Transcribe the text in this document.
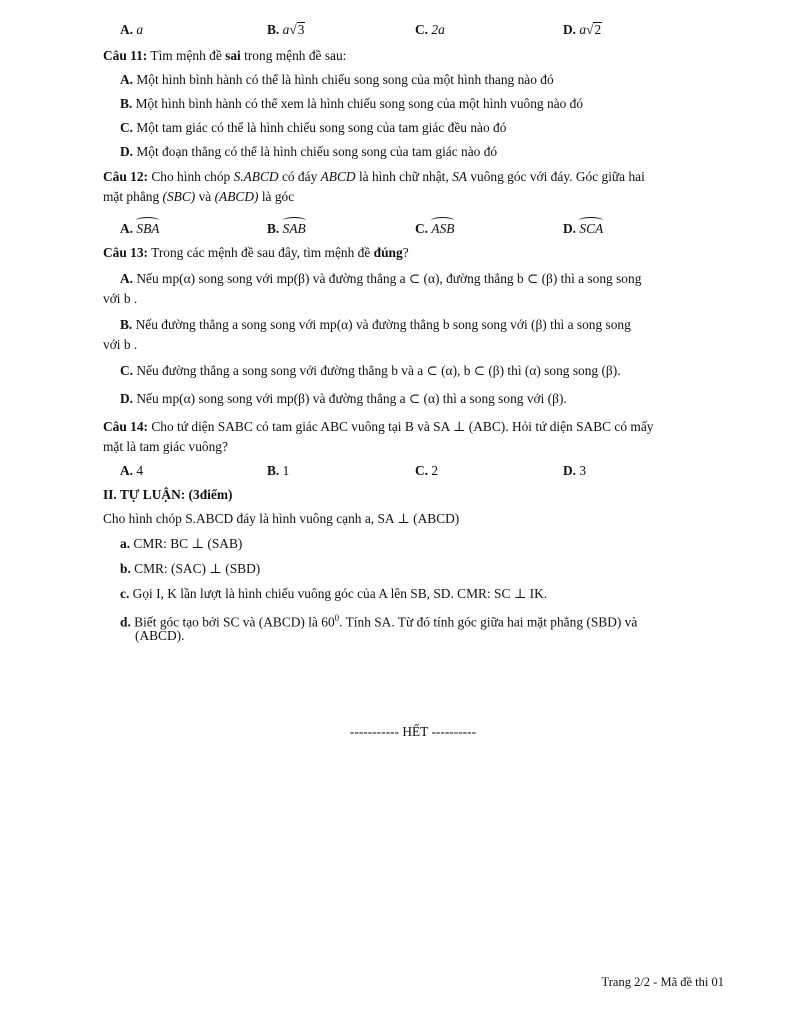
A. a	B. a√3	C. 2a	D. a√2
Câu 11: Tìm mệnh đề sai trong mệnh đề sau:
A. Một hình bình hành có thể là hình chiếu song song của một hình thang nào đó
B. Một hình bình hành có thể xem là hình chiếu song song của một hình vuông nào đó
C. Một tam giác có thể là hình chiếu song song của tam giác đều nào đó
D. Một đoạn thẳng có thể là hình chiếu song song của tam giác nào đó
Câu 12: Cho hình chóp S.ABCD có đáy ABCD là hình chữ nhật, SA vuông góc với đáy. Góc giữa hai
mặt phẳng (SBC) và (ABCD) là góc
A. SBA	B. SAB	C. ASB	D. SCA
Câu 13: Trong các mệnh đề sau đây, tìm mệnh đề đúng?
A. Nếu mp(α) song song với mp(β) và đường thẳng a ⊂ (α), đường thẳng b ⊂ (β) thì a song song
với b .
B. Nếu đường thẳng a song song với mp(α) và đường thẳng b song song với (β) thì a song song
với b .
C. Nếu đường thẳng a song song với đường thẳng b và a ⊂ (α), b ⊂ (β) thì (α) song song (β).
D. Nếu mp(α) song song với mp(β) và đường thẳng a ⊂ (α) thì a song song với (β).
Câu 14: Cho tứ diện SABC có tam giác ABC vuông tại B và SA ⊥ (ABC). Hỏi tứ diện SABC có mấy
mặt là tam giác vuông?
A. 4	B. 1	C. 2	D. 3
II. TỰ LUẬN: (3điểm)
Cho hình chóp S.ABCD đáy là hình vuông cạnh a, SA ⊥ (ABCD)
a. CMR: BC ⊥ (SAB)
b. CMR: (SAC) ⊥ (SBD)
c. Gọi I, K lần lượt là hình chiếu vuông góc của A lên SB, SD. CMR: SC ⊥ IK.
d. Biết góc tạo bởi SC và (ABCD) là $60^0$. Tính SA. Từ đó tính góc giữa hai mặt phẳng (SBD) và
(ABCD).
----------- HẾT ----------
Trang 2/2 - Mã đề thi 01
